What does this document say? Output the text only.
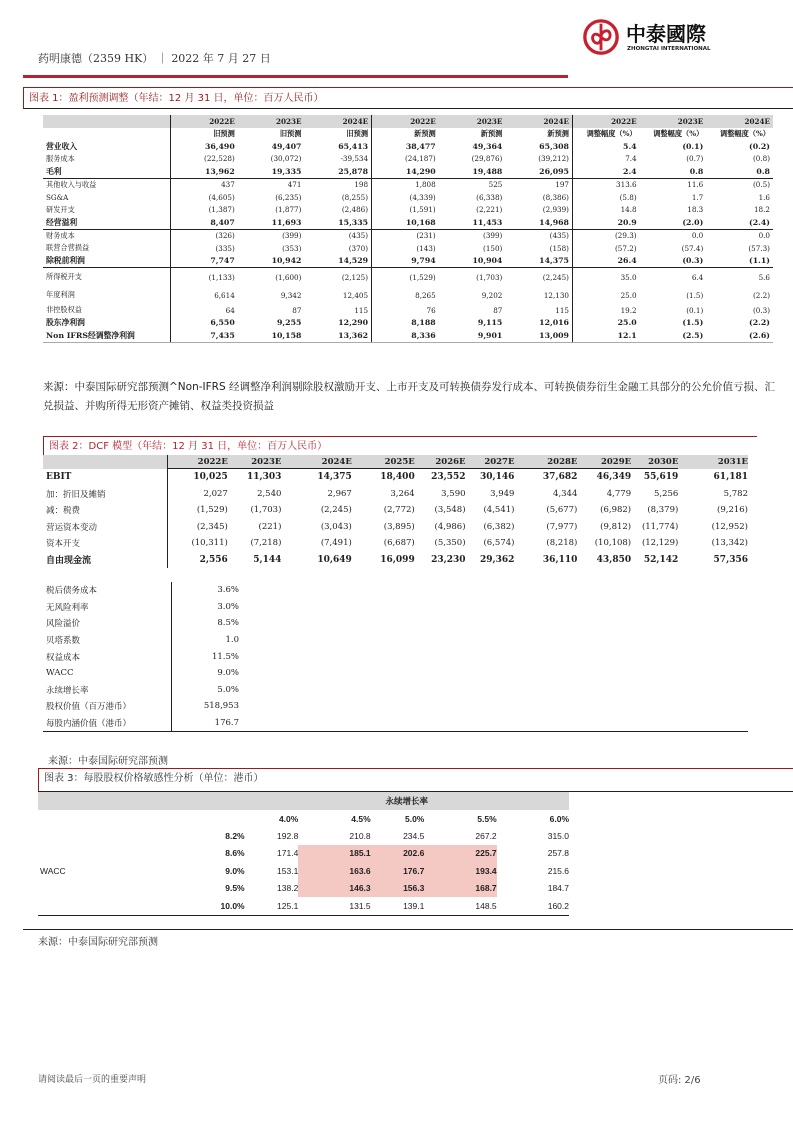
药明康德（2359 HK） ｜ 2022 年 7 月 27 日
中泰國際
ZHONGTAI INTERNATIONAL
图表 1：盈利预测调整（年结：12 月 31 日，单位：百万人民币）
	2022E	2023E	2024E	2022E	2023E	2024E	2022E	2023E	2024E
	旧预测	旧预测	旧预测	新预测	新预测	新预测	调整幅度（%）	调整幅度（%）	调整幅度（%）
营业收入	36,490	49,407	65,413	38,477	49,364	65,308	5.4	(0.1)	(0.2)
服务成本	(22,528)	(30,072)	-39,534	(24,187)	(29,876)	(39,212)	7.4	(0.7)	(0.8)
毛利	13,962	19,335	25,878	14,290	19,488	26,095	2.4	0.8	0.8
其他收入与收益	437	471	198	1,808	525	197	313.6	11.6	(0.5)
SG&A	(4,605)	(6,235)	(8,255)	(4,339)	(6,338)	(8,386)	(5.8)	1.7	1.6
研发开支	(1,387)	(1,877)	(2,486)	(1,591)	(2,221)	(2,939)	14.8	18.3	18.2
经营溢利	8,407	11,693	15,335	10,168	11,453	14,968	20.9	(2.0)	(2.4)
财务成本	(326)	(399)	(435)	(231)	(399)	(435)	(29.3)	0.0	0.0
联营合营损益	(335)	(353)	(370)	(143)	(150)	(158)	(57.2)	(57.4)	(57.3)
除税前利润	7,747	10,942	14,529	9,794	10,904	14,375	26.4	(0.3)	(1.1)
所得税开支	(1,133)	(1,600)	(2,125)	(1,529)	(1,703)	(2,245)	35.0	6.4	5.6
年度利润	6,614	9,342	12,405	8,265	9,202	12,130	25.0	(1.5)	(2.2)
非控股权益	64	87	115	76	87	115	19.2	(0.1)	(0.3)
股东净利润	6,550	9,255	12,290	8,188	9,115	12,016	25.0	(1.5)	(2.2)
Non IFRS经调整净利润	7,435	10,158	13,362	8,336	9,901	13,009	12.1	(2.5)	(2.6)
来源：中泰国际研究部预测^Non-IFRS 经调整净利润剔除股权激励开支、上市开支及可转换债券发行成本、可转换债券衍生金融工具部分的公允价值亏损、汇兑损益、并购所得无形资产摊销、权益类投资损益
图表 2：DCF 模型（年结：12 月 31 日，单位：百万人民币）
	2022E	2023E	2024E	2025E	2026E	2027E	2028E	2029E	2030E	2031E
EBIT	10,025	11,303	14,375	18,400	23,552	30,146	37,682	46,349	55,619	61,181
加：折旧及摊销	2,027	2,540	2,967	3,264	3,590	3,949	4,344	4,779	5,256	5,782
减：税费	(1,529)	(1,703)	(2,245)	(2,772)	(3,548)	(4,541)	(5,677)	(6,982)	(8,379)	(9,216)
营运资本变动	(2,345)	(221)	(3,043)	(3,895)	(4,986)	(6,382)	(7,977)	(9,812)	(11,774)	(12,952)
资本开支	(10,311)	(7,218)	(7,491)	(6,687)	(5,350)	(6,574)	(8,218)	(10,108)	(12,129)	(13,342)
自由现金流	2,556	5,144	10,649	16,099	23,230	29,362	36,110	43,850	52,142	57,356
税后债务成本	3.6%	
无风险利率	3.0%	
风险溢价	8.5%	
贝塔系数	1.0	
权益成本	11.5%	
WACC	9.0%	
永续增长率	5.0%	
股权价值（百万港币）	518,953	
每股内涵价值（港币）	176.7	
来源：中泰国际研究部预测
图表 3：每股股权价格敏感性分析（单位：港币）
		永续增长率				
		4.0%	4.5%	5.0%	5.5%	6.0%
	8.2%	192.8	210.8	234.5	267.2	315.0
	8.6%	171.4	185.1	202.6	225.7	257.8
WACC	9.0%	153.1	163.6	176.7	193.4	215.6
	9.5%	138.2	146.3	156.3	168.7	184.7
	10.0%	125.1	131.5	139.1	148.5	160.2
来源：中泰国际研究部预测
请阅读最后一页的重要声明	页码: 2/6
